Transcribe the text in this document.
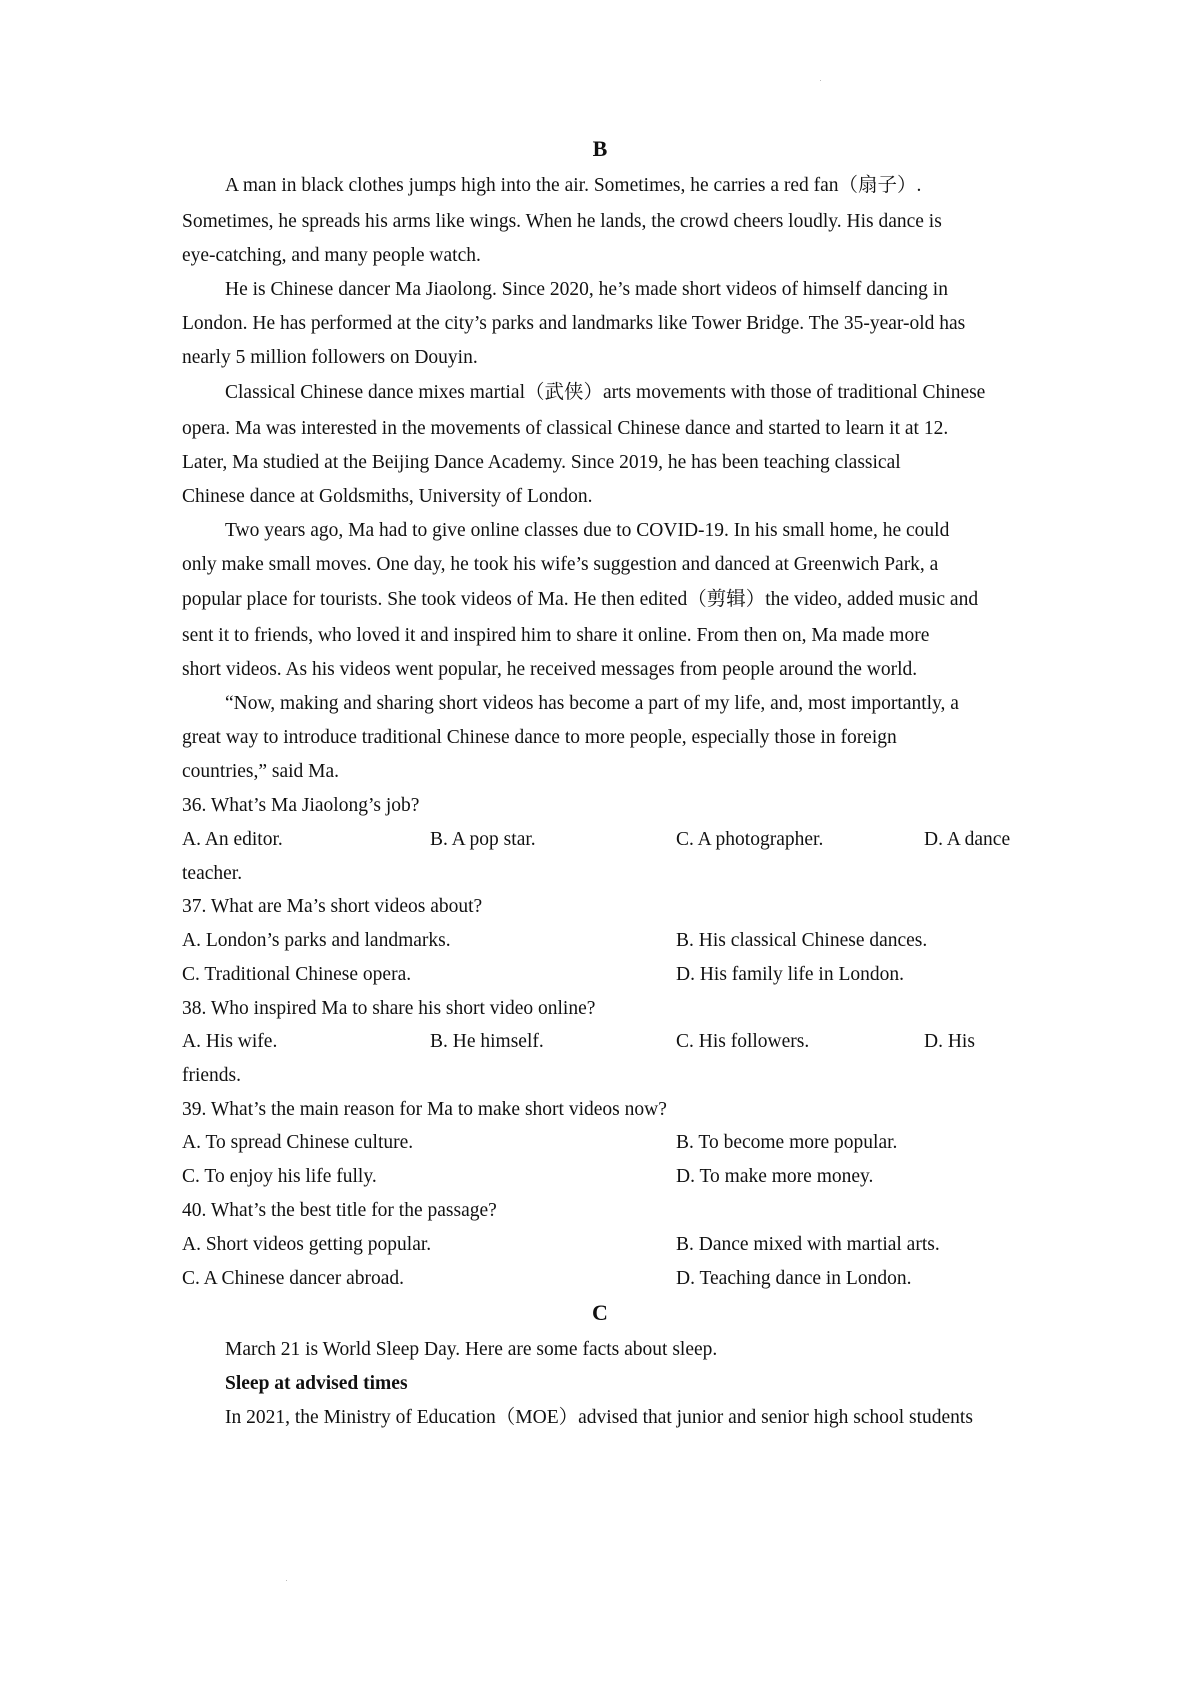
B
A man in black clothes jumps high into the air. Sometimes, he carries a red fan（扇子）.
Sometimes, he spreads his arms like wings. When he lands, the crowd cheers loudly. His dance is
eye-catching, and many people watch.
He is Chinese dancer Ma Jiaolong. Since 2020, he’s made short videos of himself dancing in
London. He has performed at the city’s parks and landmarks like Tower Bridge. The 35-year-old has
nearly 5 million followers on Douyin.
Classical Chinese dance mixes martial（武侠）arts movements with those of traditional Chinese
opera. Ma was interested in the movements of classical Chinese dance and started to learn it at 12.
Later, Ma studied at the Beijing Dance Academy. Since 2019, he has been teaching classical
Chinese dance at Goldsmiths, University of London.
Two years ago, Ma had to give online classes due to COVID-19. In his small home, he could
only make small moves. One day, he took his wife’s suggestion and danced at Greenwich Park, a
popular place for tourists. She took videos of Ma. He then edited（剪辑）the video, added music and
sent it to friends, who loved it and inspired him to share it online. From then on, Ma made more
short videos. As his videos went popular, he received messages from people around the world.
“Now, making and sharing short videos has become a part of my life, and, most importantly, a
great way to introduce traditional Chinese dance to more people, especially those in foreign
countries,” said Ma.
36. What’s Ma Jiaolong’s job?
A. An editor.	B. A pop star.	C. A photographer.	D. A dance
teacher.
37. What are Ma’s short videos about?
A. London’s parks and landmarks.	B. His classical Chinese dances.
C. Traditional Chinese opera.	D. His family life in London.
38. Who inspired Ma to share his short video online?
A. His wife.	B. He himself.	C. His followers.	D. His
friends.
39. What’s the main reason for Ma to make short videos now?
A. To spread Chinese culture.	B. To become more popular.
C. To enjoy his life fully.	D. To make more money.
40. What’s the best title for the passage?
A. Short videos getting popular.	B. Dance mixed with martial arts.
C. A Chinese dancer abroad.	D. Teaching dance in London.
C
March 21 is World Sleep Day. Here are some facts about sleep.
Sleep at advised times
In 2021, the Ministry of Education（MOE）advised that junior and senior high school students
